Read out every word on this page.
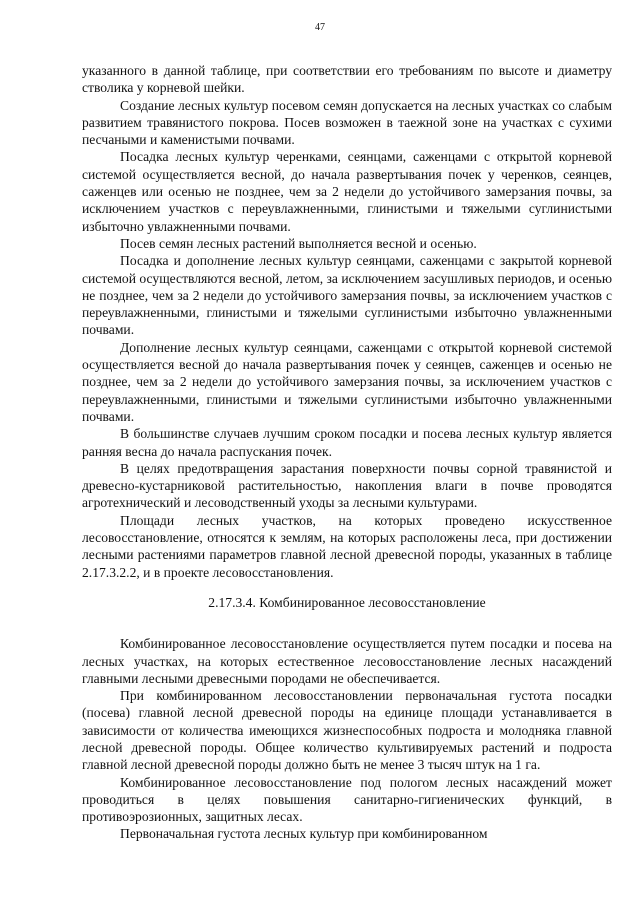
47

указанного в данной таблице, при соответствии его требованиям по высоте и диаметру стволика у корневой шейки.

Создание лесных культур посевом семян допускается на лесных участках со слабым развитием травянистого покрова. Посев возможен в таежной зоне на участках с сухими песчаными и каменистыми почвами.

Посадка лесных культур черенками, сеянцами, саженцами с открытой корневой системой осуществляется весной, до начала развертывания почек у черенков, сеянцев, саженцев или осенью не позднее, чем за 2 недели до устойчивого замерзания почвы, за исключением участков с переувлажненными, глинистыми и тяжелыми суглинистыми избыточно увлажненными почвами.

Посев семян лесных растений выполняется весной и осенью.

Посадка и дополнение лесных культур сеянцами, саженцами с закрытой корневой системой осуществляются весной, летом, за исключением засушливых периодов, и осенью не позднее, чем за 2 недели до устойчивого замерзания почвы, за исключением участков с переувлажненными, глинистыми и тяжелыми суглинистыми избыточно увлажненными почвами.

Дополнение лесных культур сеянцами, саженцами с открытой корневой системой осуществляется весной до начала развертывания почек у сеянцев, саженцев и осенью не позднее, чем за 2 недели до устойчивого замерзания почвы, за исключением участков с переувлажненными, глинистыми и тяжелыми суглинистыми избыточно увлажненными почвами.

В большинстве случаев лучшим сроком посадки и посева лесных культур является ранняя весна до начала распускания почек.

В целях предотвращения зарастания поверхности почвы сорной травянистой и древесно-кустарниковой растительностью, накопления влаги в почве проводятся агротехнический и лесоводственный уходы за лесными культурами.

Площади лесных участков, на которых проведено искусственное лесовосстановление, относятся к землям, на которых расположены леса, при достижении лесными растениями параметров главной лесной древесной породы, указанных в таблице 2.17.3.2.2, и в проекте лесовосстановления.

2.17.3.4. Комбинированное лесовосстановление

Комбинированное лесовосстановление осуществляется путем посадки и посева на лесных участках, на которых естественное лесовосстановление лесных насаждений главными лесными древесными породами не обеспечивается.

При комбинированном лесовосстановлении первоначальная густота посадки (посева) главной лесной древесной породы на единице площади устанавливается в зависимости от количества имеющихся жизнеспособных подроста и молодняка главной лесной древесной породы. Общее количество культивируемых растений и подроста главной лесной древесной породы должно быть не менее 3 тысяч штук на 1 га.

Комбинированное лесовосстановление под пологом лесных насаждений может проводиться в целях повышения санитарно-гигиенических функций, в противоэрозионных, защитных лесах.

Первоначальная густота лесных культур при комбинированном
